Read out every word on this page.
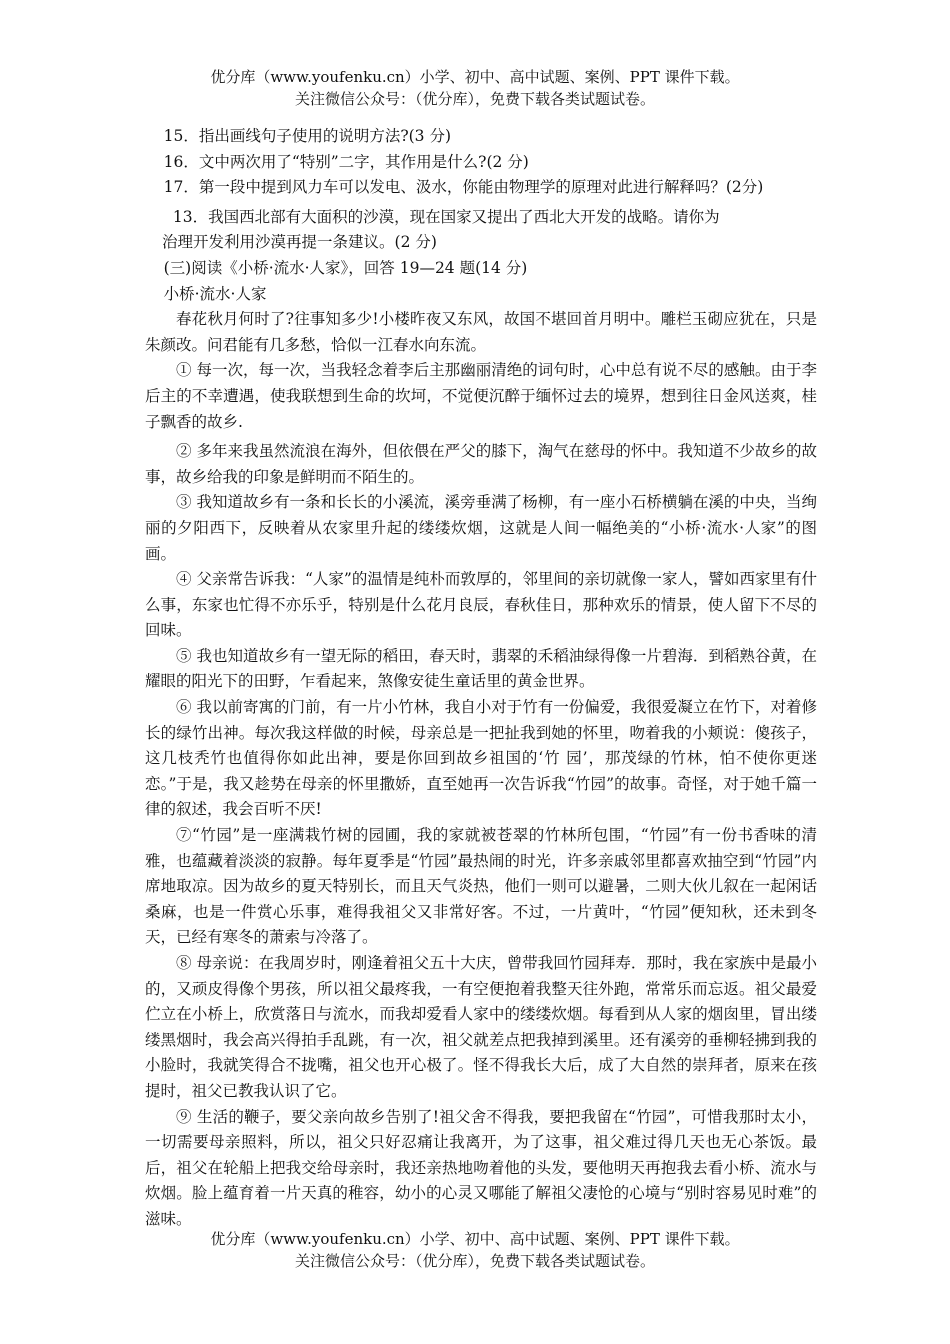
优分库（www.youfenku.cn）小学、初中、高中试题、案例、PPT 课件下载。
关注微信公众号：（优分库），免费下载各类试题试卷。

15．指出画线句子使用的说明方法?(3 分)

16．文中两次用了“特别”二字，其作用是什么?(2 分)

17．第一段中提到风力车可以发电、汲水，你能由物理学的原理对此进行解释吗？(2分)

13．我国西北部有大面积的沙漠，现在国家又提出了西北大开发的战略。请你为

治理开发利用沙漠再提一条建议。(2 分)

(三)阅读《小桥·流水·人家》，回答 19—24 题(14 分)

小桥·流水·人家

春花秋月何时了?往事知多少!小楼昨夜又东风，故国不堪回首月明中。雕栏玉砌应犹在，只是朱颜改。问君能有几多愁，恰似一江春水向东流。

① 每一次，每一次，当我轻念着李后主那幽丽清绝的词句时，心中总有说不尽的感触。由于李后主的不幸遭遇，使我联想到生命的坎坷，不觉便沉醉于缅怀过去的境界，想到往日金风送爽，桂子飘香的故乡.

② 多年来我虽然流浪在海外，但依偎在严父的膝下，淘气在慈母的怀中。我知道不少故乡的故事，故乡给我的印象是鲜明而不陌生的。

③ 我知道故乡有一条和长长的小溪流，溪旁垂满了杨柳，有一座小石桥横躺在溪的中央，当绚丽的夕阳西下，反映着从农家里升起的缕缕炊烟，这就是人间一幅绝美的“小桥·流水·人家”的图画。

④ 父亲常告诉我：“人家”的温情是纯朴而敦厚的，邻里间的亲切就像一家人，譬如西家里有什么事，东家也忙得不亦乐乎，特别是什么花月良辰，春秋佳日，那种欢乐的情景，使人留下不尽的回味。

⑤ 我也知道故乡有一望无际的稻田，春天时，翡翠的禾稻油绿得像一片碧海．到稻熟谷黄，在耀眼的阳光下的田野，乍看起来，煞像安徒生童话里的黄金世界。

⑥ 我以前寄寓的门前，有一片小竹林，我自小对于竹有一份偏爱，我很爱凝立在竹下，对着修长的绿竹出神。每次我这样做的时候，母亲总是一把扯我到她的怀里，吻着我的小颊说：傻孩子，这几枝秃竹也值得你如此出神，要是你回到故乡祖国的‘竹 园’，那茂绿的竹林，怕不使你更迷恋。”于是，我又趁势在母亲的怀里撒娇，直至她再一次告诉我“竹园”的故事。奇怪，对于她千篇一律的叙述，我会百听不厌!

⑦“竹园”是一座满栽竹树的园圃，我的家就被苍翠的竹林所包围，“竹园”有一份书香味的清雅，也蕴藏着淡淡的寂静。每年夏季是“竹园”最热闹的时光，许多亲戚邻里都喜欢抽空到“竹园”内席地取凉。因为故乡的夏天特别长，而且天气炎热，他们一则可以避暑，二则大伙儿叙在一起闲话桑麻，也是一件赏心乐事，难得我祖父又非常好客。不过，一片黄叶，“竹园”便知秋，还未到冬天，已经有寒冬的萧索与冷落了。

⑧ 母亲说：在我周岁时，刚逢着祖父五十大庆，曾带我回竹园拜寿．那时，我在家族中是最小的，又顽皮得像个男孩，所以祖父最疼我，一有空便抱着我整天往外跑，常常乐而忘返。祖父最爱伫立在小桥上，欣赏落日与流水，而我却爱看人家中的缕缕炊烟。每看到从人家的烟囱里，冒出缕缕黑烟时，我会高兴得拍手乱跳，有一次，祖父就差点把我掉到溪里。还有溪旁的垂柳轻拂到我的小脸时，我就笑得合不拢嘴，祖父也开心极了。怪不得我长大后，成了大自然的崇拜者，原来在孩提时，祖父已教我认识了它。

⑨ 生活的鞭子，要父亲向故乡告别了!祖父舍不得我，要把我留在“竹园”，可惜我那时太小，一切需要母亲照料，所以，祖父只好忍痛让我离开，为了这事，祖父难过得几天也无心茶饭。最后，祖父在轮船上把我交给母亲时，我还亲热地吻着他的头发，要他明天再抱我去看小桥、流水与炊烟。脸上蕴育着一片天真的稚容，幼小的心灵又哪能了解祖父凄怆的心境与“别时容易见时难”的滋味。

优分库（www.youfenku.cn）小学、初中、高中试题、案例、PPT 课件下载。
关注微信公众号：（优分库），免费下载各类试题试卷。
